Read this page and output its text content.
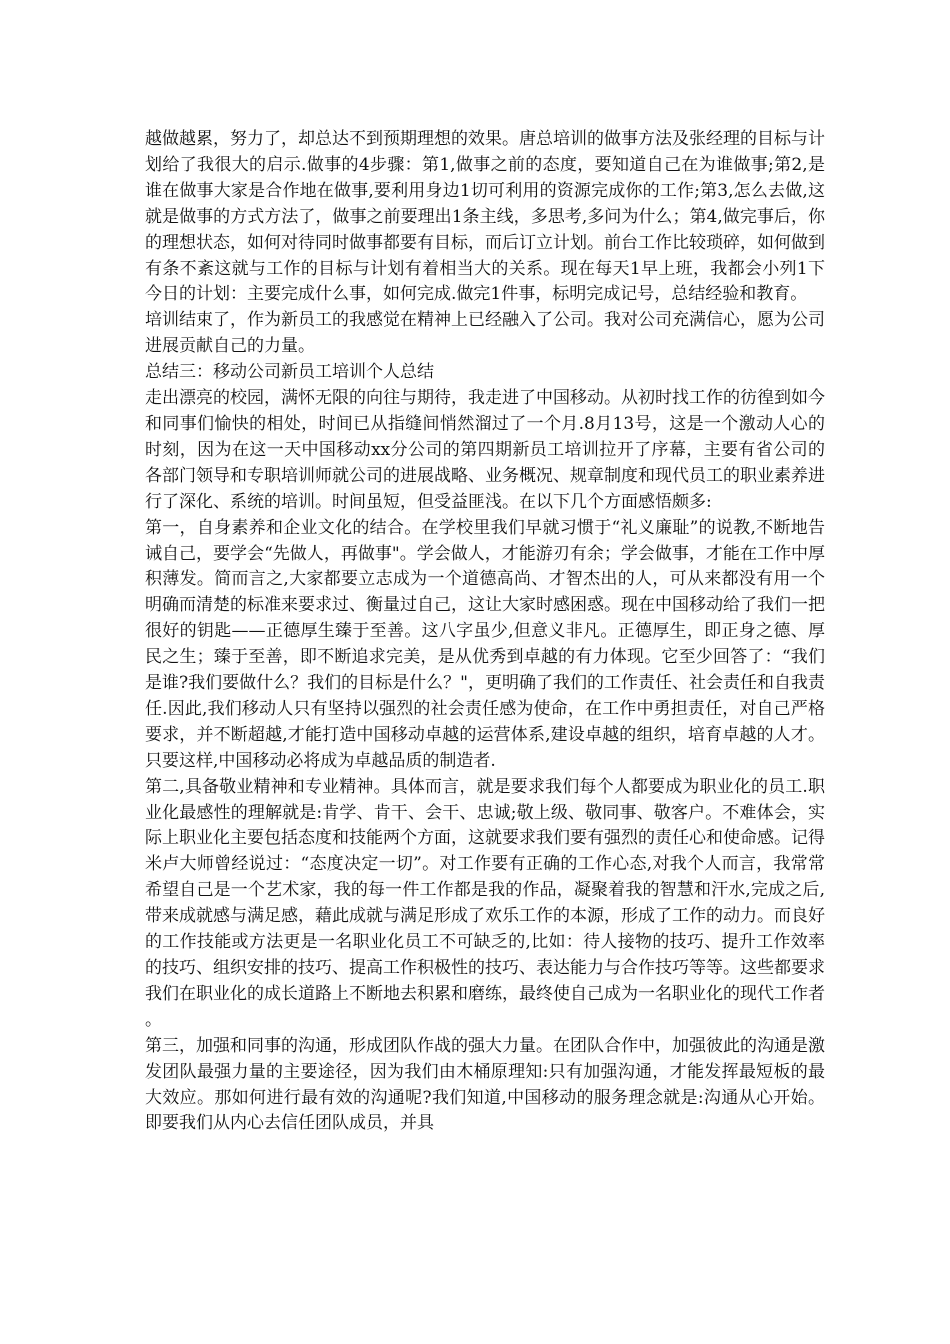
越做越累，努力了，却总达不到预期理想的效果。唐总培训的做事方法及张经理的目标与计划给了我很大的启示.做事的4步骤：第1,做事之前的态度，要知道自己在为谁做事;第2,是谁在做事大家是合作地在做事,要利用身边1切可利用的资源完成你的工作;第3,怎么去做,这就是做事的方式方法了，做事之前要理出1条主线，多思考,多问为什么；第4,做完事后，你的理想状态，如何对待同时做事都要有目标，而后订立计划。前台工作比较琐碎，如何做到有条不紊这就与工作的目标与计划有着相当大的关系。现在每天1早上班，我都会小列1下今日的计划：主要完成什么事，如何完成.做完1件事，标明完成记号，总结经验和教育。

培训结束了，作为新员工的我感觉在精神上已经融入了公司。我对公司充满信心，愿为公司进展贡献自己的力量。

总结三：移动公司新员工培训个人总结

走出漂亮的校园，满怀无限的向往与期待，我走进了中国移动。从初时找工作的彷徨到如今和同事们愉快的相处，时间已从指缝间悄然溜过了一个月.8月13号，这是一个激动人心的时刻，因为在这一天中国移动xx分公司的第四期新员工培训拉开了序幕，主要有省公司的各部门领导和专职培训师就公司的进展战略、业务概况、规章制度和现代员工的职业素养进行了深化、系统的培训。时间虽短，但受益匪浅。在以下几个方面感悟颇多:

第一，自身素养和企业文化的结合。在学校里我们早就习惯于“礼义廉耻”的说教,不断地告诫自己，要学会“先做人，再做事"。学会做人，才能游刃有余；学会做事，才能在工作中厚积薄发。简而言之,大家都要立志成为一个道德高尚、才智杰出的人，可从来都没有用一个明确而清楚的标准来要求过、衡量过自己，这让大家时感困惑。现在中国移动给了我们一把很好的钥匙——正德厚生臻于至善。这八字虽少,但意义非凡。正德厚生，即正身之德、厚民之生；臻于至善，即不断追求完美，是从优秀到卓越的有力体现。它至少回答了：“我们是谁?我们要做什么？我们的目标是什么？"，更明确了我们的工作责任、社会责任和自我责任.因此,我们移动人只有坚持以强烈的社会责任感为使命，在工作中勇担责任，对自己严格要求，并不断超越,才能打造中国移动卓越的运营体系,建设卓越的组织，培育卓越的人才。只要这样,中国移动必将成为卓越品质的制造者.

第二,具备敬业精神和专业精神。具体而言，就是要求我们每个人都要成为职业化的员工.职业化最感性的理解就是:肯学、肯干、会干、忠诚;敬上级、敬同事、敬客户。不难体会，实际上职业化主要包括态度和技能两个方面，这就要求我们要有强烈的责任心和使命感。记得米卢大师曾经说过：“态度决定一切”。对工作要有正确的工作心态,对我个人而言，我常常希望自己是一个艺术家，我的每一件工作都是我的作品，凝聚着我的智慧和汗水,完成之后,带来成就感与满足感，藉此成就与满足形成了欢乐工作的本源，形成了工作的动力。而良好的工作技能或方法更是一名职业化员工不可缺乏的,比如：待人接物的技巧、提升工作效率的技巧、组织安排的技巧、提高工作积极性的技巧、表达能力与合作技巧等等。这些都要求我们在职业化的成长道路上不断地去积累和磨练，最终使自己成为一名职业化的现代工作者。

第三，加强和同事的沟通，形成团队作战的强大力量。在团队合作中，加强彼此的沟通是激发团队最强力量的主要途径，因为我们由木桶原理知:只有加强沟通，才能发挥最短板的最大效应。那如何进行最有效的沟通呢?我们知道,中国移动的服务理念就是:沟通从心开始。即要我们从内心去信任团队成员，并具
